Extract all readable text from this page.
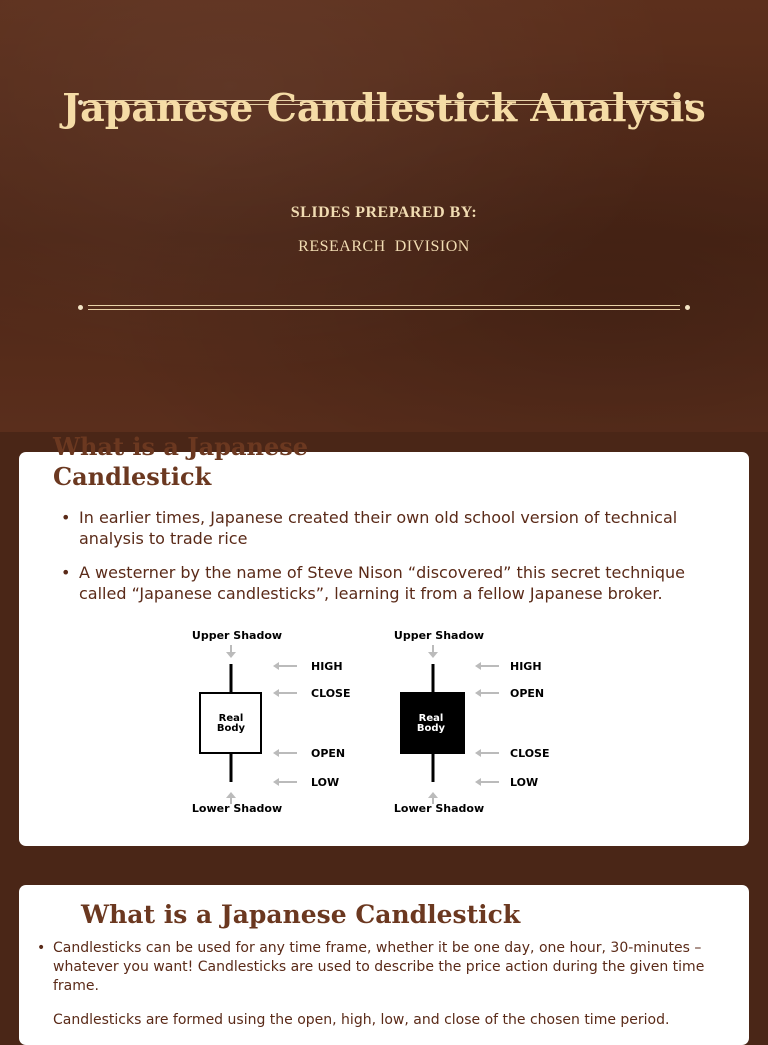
Japanese Candlestick Analysis
SLIDES PREPARED BY:
RESEARCH  DIVISION
What is a Japanese
Candlestick
• In earlier times, Japanese created their own old school version of technical analysis to trade rice
• A westerner by the name of Steve Nison “discovered” this secret technique called “Japanese candlesticks”, learning it from a fellow Japanese broker.
Upper Shadow
Real
Body
Lower Shadow
HIGH
CLOSE
OPEN
LOW
Upper Shadow
Real
Body
Lower Shadow
HIGH
OPEN
CLOSE
LOW
What is a Japanese Candlestick
• Candlesticks can be used for any time frame, whether it be one day, one hour, 30-minutes – whatever you want! Candlesticks are used to describe the price action during the given time frame.

Candlesticks are formed using the open, high, low, and close of the chosen time period.
